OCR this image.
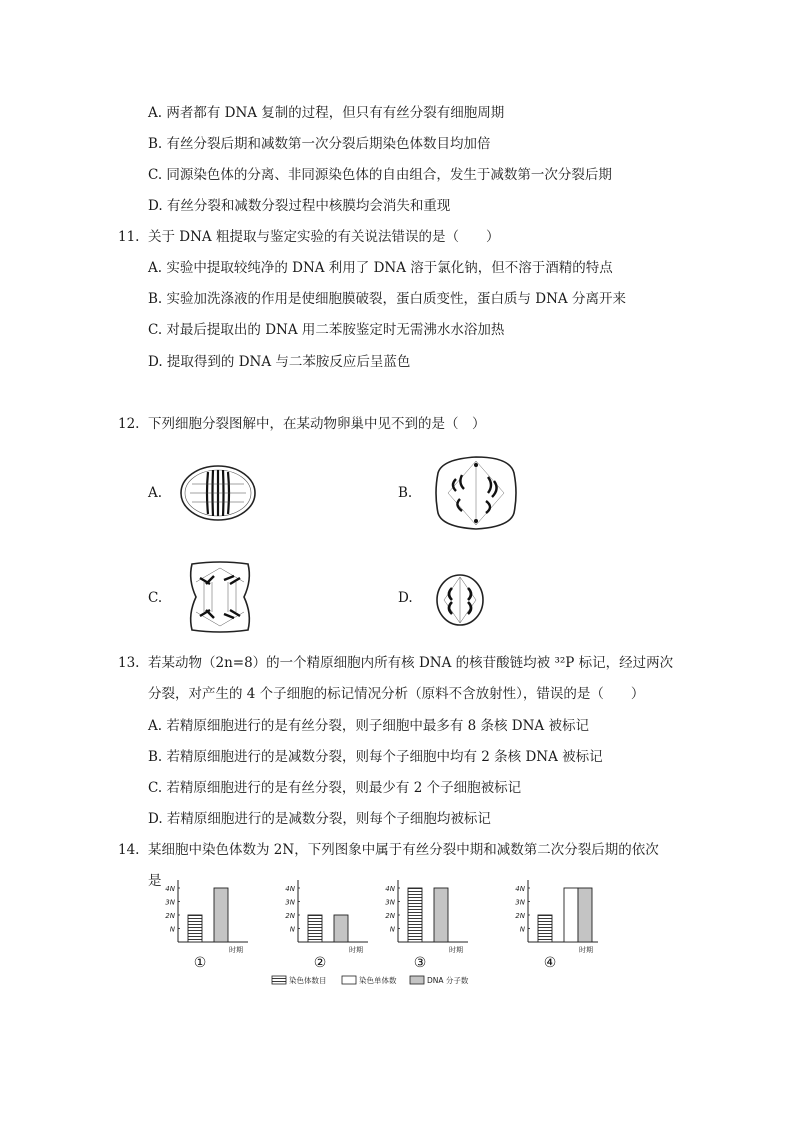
A. 两者都有 DNA 复制的过程，但只有有丝分裂有细胞周期
B. 有丝分裂后期和减数第一次分裂后期染色体数目均加倍
C. 同源染色体的分离、非同源染色体的自由组合，发生于减数第一次分裂后期
D. 有丝分裂和减数分裂过程中核膜均会消失和重现
11. 关于 DNA 粗提取与鉴定实验的有关说法错误的是（　　）
A. 实验中提取较纯净的 DNA 利用了 DNA 溶于氯化钠，但不溶于酒精的特点
B. 实验加洗涤液的作用是使细胞膜破裂，蛋白质变性，蛋白质与 DNA 分离开来
C. 对最后提取出的 DNA 用二苯胺鉴定时无需沸水水浴加热
D. 提取得到的 DNA 与二苯胺反应后呈蓝色
12. 下列细胞分裂图解中，在某动物卵巢中见不到的是（　）
A.	B.
C.	D.
13. 若某动物（2n=8）的一个精原细胞内所有核 DNA 的核苷酸链均被 ³²P 标记，经过两次
分裂，对产生的 4 个子细胞的标记情况分析（原料不含放射性），错误的是（　　）
A. 若精原细胞进行的是有丝分裂，则子细胞中最多有 8 条核 DNA 被标记
B. 若精原细胞进行的是减数分裂，则每个子细胞中均有 2 条核 DNA 被标记
C. 若精原细胞进行的是有丝分裂，则最少有 2 个子细胞被标记
D. 若精原细胞进行的是减数分裂，则每个子细胞均被标记
14. 某细胞中染色体数为 2N，下列图象中属于有丝分裂中期和减数第二次分裂后期的依次
是 4N
3N
2N
N
时期
①
4N
3N
2N
N
时期
②
4N
3N
2N
N
时期
③
4N
3N
2N
N
时期
④
染色体数目	染色单体数	DNA 分子数
